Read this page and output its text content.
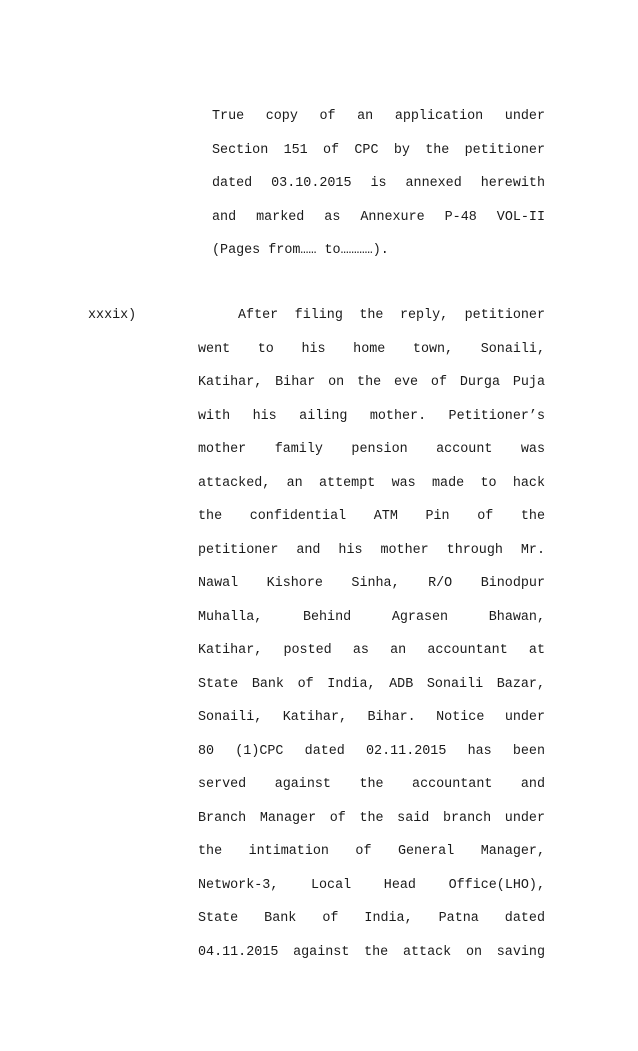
True copy of an application under
Section 151 of CPC by the petitioner
dated 03.10.2015 is annexed herewith
and marked as Annexure P-48 VOL-II
(Pages from…… to…………).
xxxix)	After filing the reply, petitioner
went to his home town, Sonaili,
Katihar, Bihar on the eve of Durga Puja
with his ailing mother. Petitioner’s
mother family pension account was
attacked, an attempt was made to hack
the confidential ATM Pin of the
petitioner and his mother through Mr.
Nawal Kishore Sinha, R/O Binodpur
Muhalla, Behind Agrasen Bhawan,
Katihar, posted as an accountant at
State Bank of India, ADB Sonaili Bazar,
Sonaili, Katihar, Bihar. Notice under
80 (1)CPC dated 02.11.2015 has been
served against the accountant and
Branch Manager of the said branch under
the intimation of General Manager,
Network-3, Local Head Office(LHO),
State Bank of India, Patna dated
04.11.2015 against the attack on saving
